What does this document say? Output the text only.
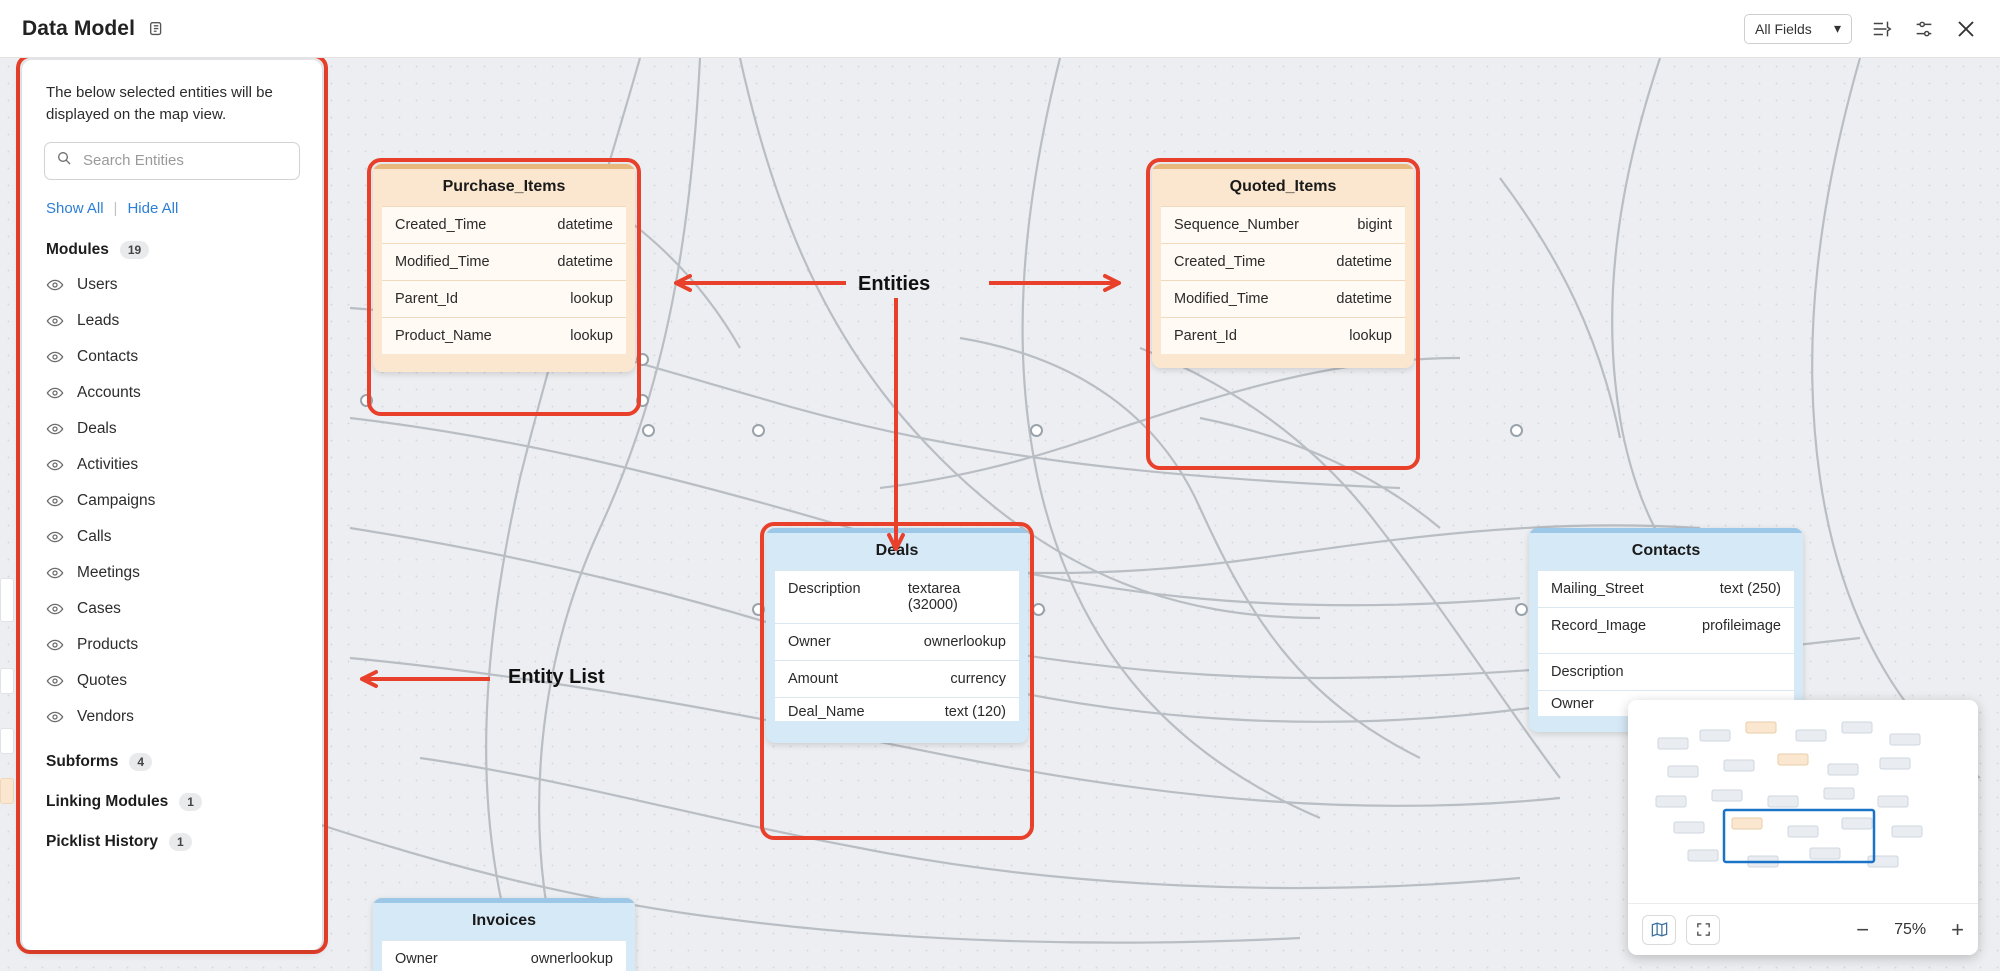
Data Model	All Fields ▾
Purchase_Items
Created_Time	datetime
Modified_Time	datetime
Parent_Id	lookup
Product_Name	lookup
Quoted_Items
Sequence_Number	bigint
Created_Time	datetime
Modified_Time	datetime
Parent_Id	lookup
Deals
Description	textarea (32000)
Owner	ownerlookup
Amount	currency
Deal_Name	text (120)
Contacts
Mailing_Street	text (250)
Record_Image	profileimage
Description
Owner
Invoices
Owner	ownerlookup
Entities
Entity List
−	75%	+
The below selected entities will be displayed on the map view.
Search Entities
Show All | Hide All
Modules	19
Users
Leads
Contacts
Accounts
Deals
Activities
Campaigns
Calls
Meetings
Cases
Products
Quotes
Vendors
Subforms	4
Linking Modules	1
Picklist History	1
